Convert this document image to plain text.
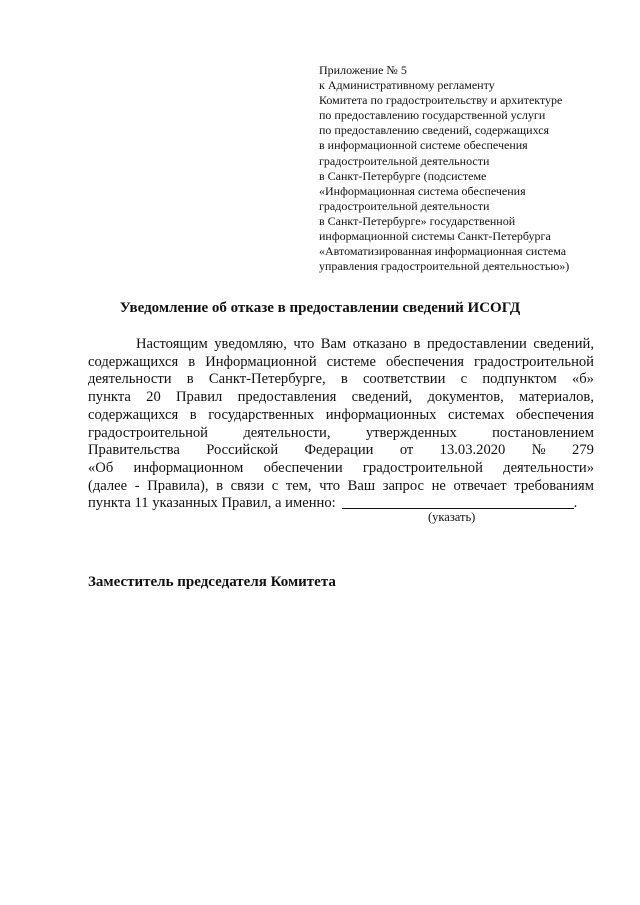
Приложение № 5
к Административному регламенту
Комитета по градостроительству и архитектуре
по предоставлению государственной услуги
по предоставлению сведений, содержащихся
в информационной системе обеспечения
градостроительной деятельности
в Санкт-Петербурге (подсистеме
«Информационная система обеспечения
градостроительной деятельности
в Санкт-Петербурге» государственной
информационной системы Санкт-Петербурга
«Автоматизированная информационная система
управления градостроительной деятельностью»)
Уведомление об отказе в предоставлении сведений ИСОГД
Настоящим уведомляю, что Вам отказано в предоставлении сведений,
содержащихся в Информационной системе обеспечения градостроительной
деятельности в Санкт-Петербурге, в соответствии с подпунктом «б»
пункта 20 Правил предоставления сведений, документов, материалов,
содержащихся в государственных информационных системах обеспечения
градостроительной деятельности, утвержденных постановлением
Правительства Российской Федерации от 13.03.2020 № 279
«Об информационном обеспечении градостроительной деятельности»
(далее - Правила), в связи с тем, что Ваш запрос не отвечает требованиям
пункта 11 указанных Правил, а именно:	.
(указать)
Заместитель председателя Комитета
